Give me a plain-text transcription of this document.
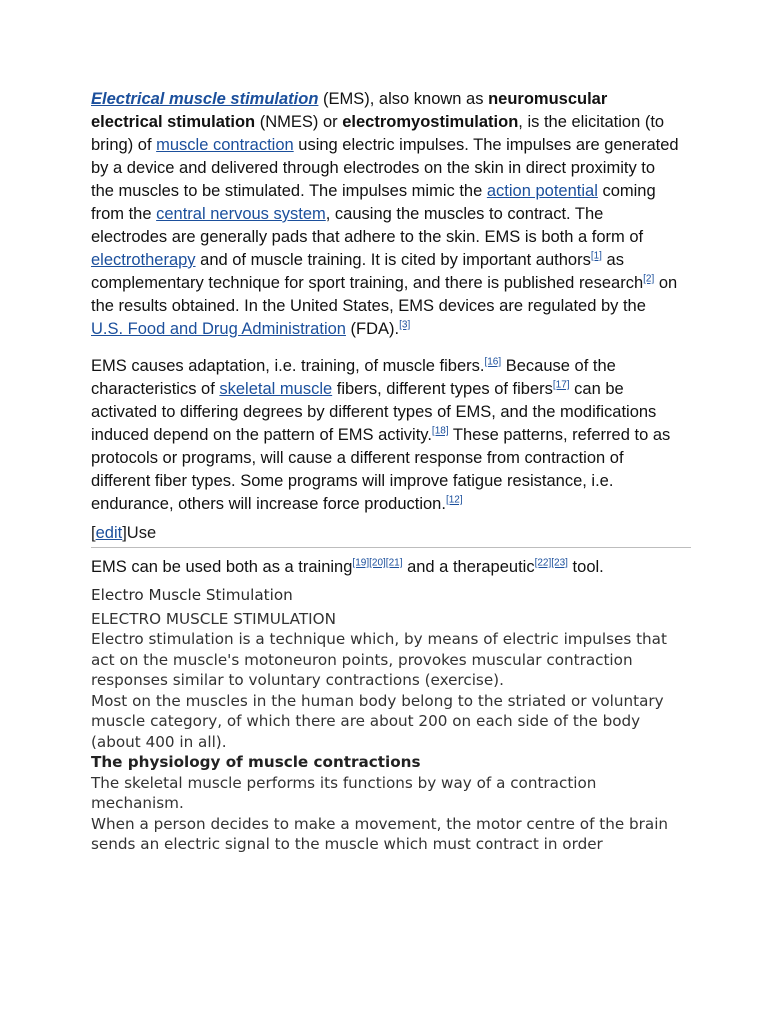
Electrical muscle stimulation (EMS), also known as neuromuscular electrical stimulation (NMES) or electromyostimulation, is the elicitation (to bring) of muscle contraction using electric impulses. The impulses are generated by a device and delivered through electrodes on the skin in direct proximity to the muscles to be stimulated. The impulses mimic the action potential coming from the central nervous system, causing the muscles to contract. The electrodes are generally pads that adhere to the skin. EMS is both a form of electrotherapy and of muscle training. It is cited by important authors[1] as complementary technique for sport training, and there is published research[2] on the results obtained. In the United States, EMS devices are regulated by the U.S. Food and Drug Administration (FDA).[3]

EMS causes adaptation, i.e. training, of muscle fibers.[16] Because of the characteristics of skeletal muscle fibers, different types of fibers[17] can be activated to differing degrees by different types of EMS, and the modifications induced depend on the pattern of EMS activity.[18] These patterns, referred to as protocols or programs, will cause a different response from contraction of different fiber types. Some programs will improve fatigue resistance, i.e. endurance, others will increase force production.[12]

[edit]Use

EMS can be used both as a training[19][20][21] and a therapeutic[22][23] tool.

Electro Muscle Stimulation
ELECTRO MUSCLE STIMULATION
Electro stimulation is a technique which, by means of electric impulses that act on the muscle's motoneuron points, provokes muscular contraction responses similar to voluntary contractions (exercise).
Most on the muscles in the human body belong to the striated or voluntary muscle category, of which there are about 200 on each side of the body (about 400 in all).
The physiology of muscle contractions
The skeletal muscle performs its functions by way of a contraction mechanism.
When a person decides to make a movement, the motor centre of the brain sends an electric signal to the muscle which must contract in order
